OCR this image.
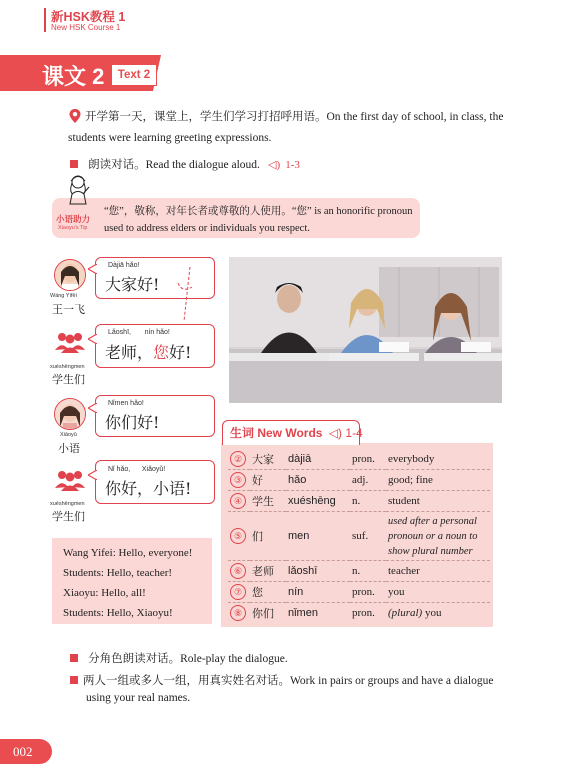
新HSK教程 1
New HSK Course 1
课文 2	Text 2
开学第一天，课堂上，学生们学习打招呼用语。On the first day of school, in class, the
students were learning greeting expressions.
朗读对话。Read the dialogue aloud. ◁) 1-3
小语助力
Xiaoyu's Tip
“您”，敬称，对年长者或尊敬的人使用。“您” is an honorific pronoun
used to address elders or individuals you respect.
Wáng Yìfēi
王一飞
Dàjiā hǎo!
大家好!
xuéshēngmen
学生们
Lǎoshī,       nín hǎo!
老师，您好!
Xiǎoyǔ
小语
Nǐmen hǎo!
你们好!
xuéshēngmen
学生们
Nǐ hǎo,      Xiǎoyǔ!
你好，小语!
生词 New Words ◁) 1-4
②	大家	dàjiā	pron.	everybody
③	好	hǎo	adj.	good; fine
④	学生	xuéshēng	n.	student
⑤	们	men	suf.	used after a personal pronoun or a noun to show plural number
⑥	老师	lǎoshī	n.	teacher
⑦	您	nín	pron.	you
⑧	你们	nǐmen	pron.	(plural) you
Wang Yifei: Hello, everyone!
Students: Hello, teacher!
Xiaoyu: Hello, all!
Students: Hello, Xiaoyu!
分角色朗读对话。Role-play the dialogue.
两人一组或多人一组，用真实姓名对话。Work in pairs or groups and have a dialogue
using your real names.
002
